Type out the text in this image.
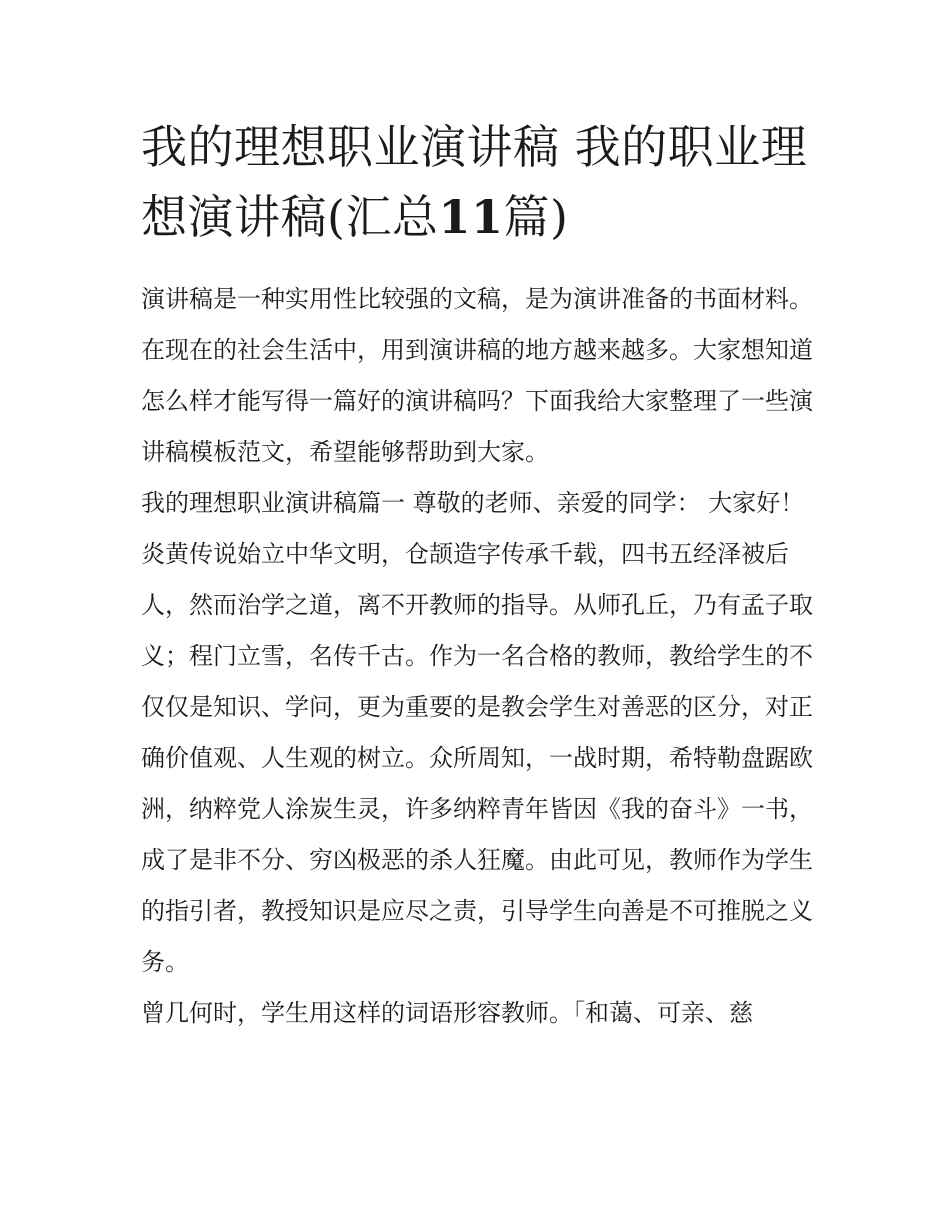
我的理想职业演讲稿 我的职业理想演讲稿(汇总11篇)

演讲稿是一种实用性比较强的文稿，是为演讲准备的书面材料。在现在的社会生活中，用到演讲稿的地方越来越多。大家想知道怎么样才能写得一篇好的演讲稿吗？下面我给大家整理了一些演讲稿模板范文，希望能够帮助到大家。

我的理想职业演讲稿篇一 尊敬的老师、亲爱的同学： 大家好！

炎黄传说始立中华文明，仓颉造字传承千载，四书五经泽被后人，然而治学之道，离不开教师的指导。从师孔丘，乃有孟子取义；程门立雪，名传千古。作为一名合格的教师，教给学生的不仅仅是知识、学问，更为重要的是教会学生对善恶的区分，对正确价值观、人生观的树立。众所周知，一战时期，希特勒盘踞欧洲，纳粹党人涂炭生灵，许多纳粹青年皆因《我的奋斗》一书，成了是非不分、穷凶极恶的杀人狂魔。由此可见，教师作为学生的指引者，教授知识是应尽之责，引导学生向善是不可推脱之义务。

曾几何时，学生用这样的词语形容教师。「和蔼、可亲、慈
